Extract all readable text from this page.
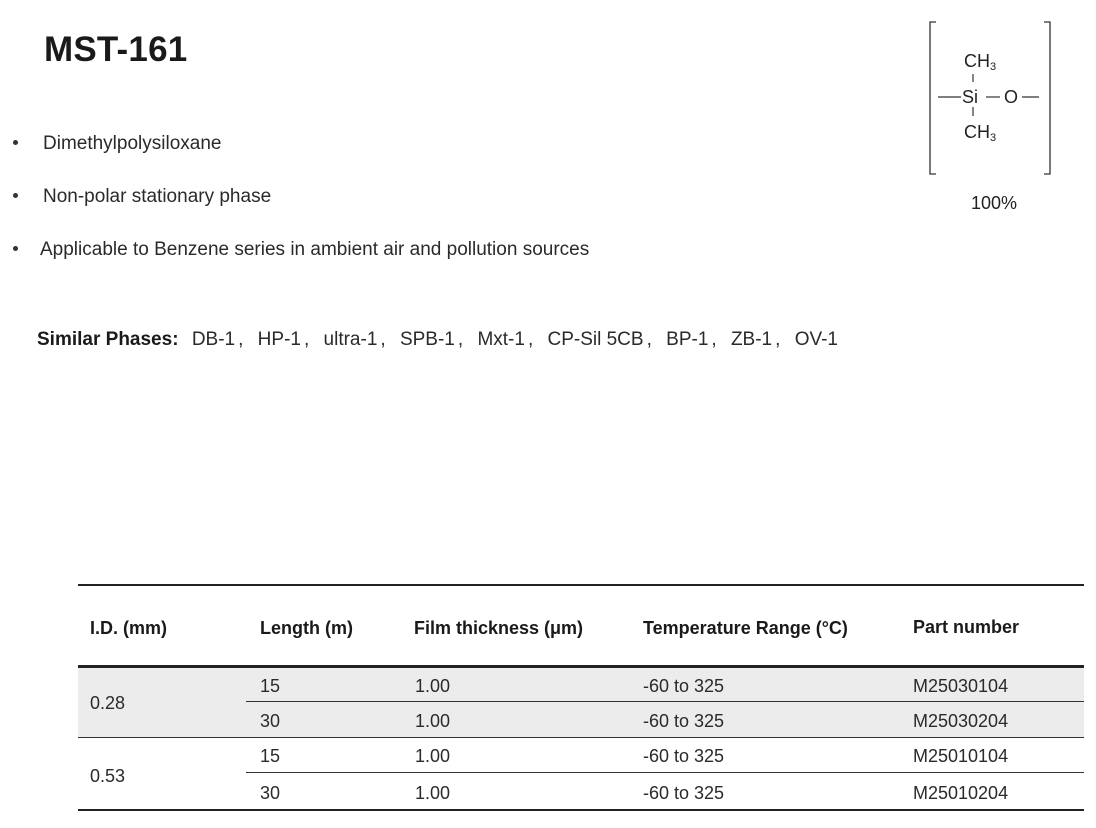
MST-161
Dimethylpolysiloxane
Non-polar stationary phase
Applicable to Benzene series in ambient air and pollution sources
Similar Phases: DB-1 , HP-1 , ultra-1 , SPB-1 , Mxt-1 , CP-Sil 5CB , BP-1 , ZB-1 , OV-1
$CH_3$
Si O
$CH_3$
100%
I.D. (mm)	Length (m)	Film thickness (μm)	Temperature Range (°C)	Part number
0.28
15	1.00	-60 to 325	M25030104
30	1.00	-60 to 325	M25030204
0.53
15	1.00	-60 to 325	M25010104
30	1.00	-60 to 325	M25010204
